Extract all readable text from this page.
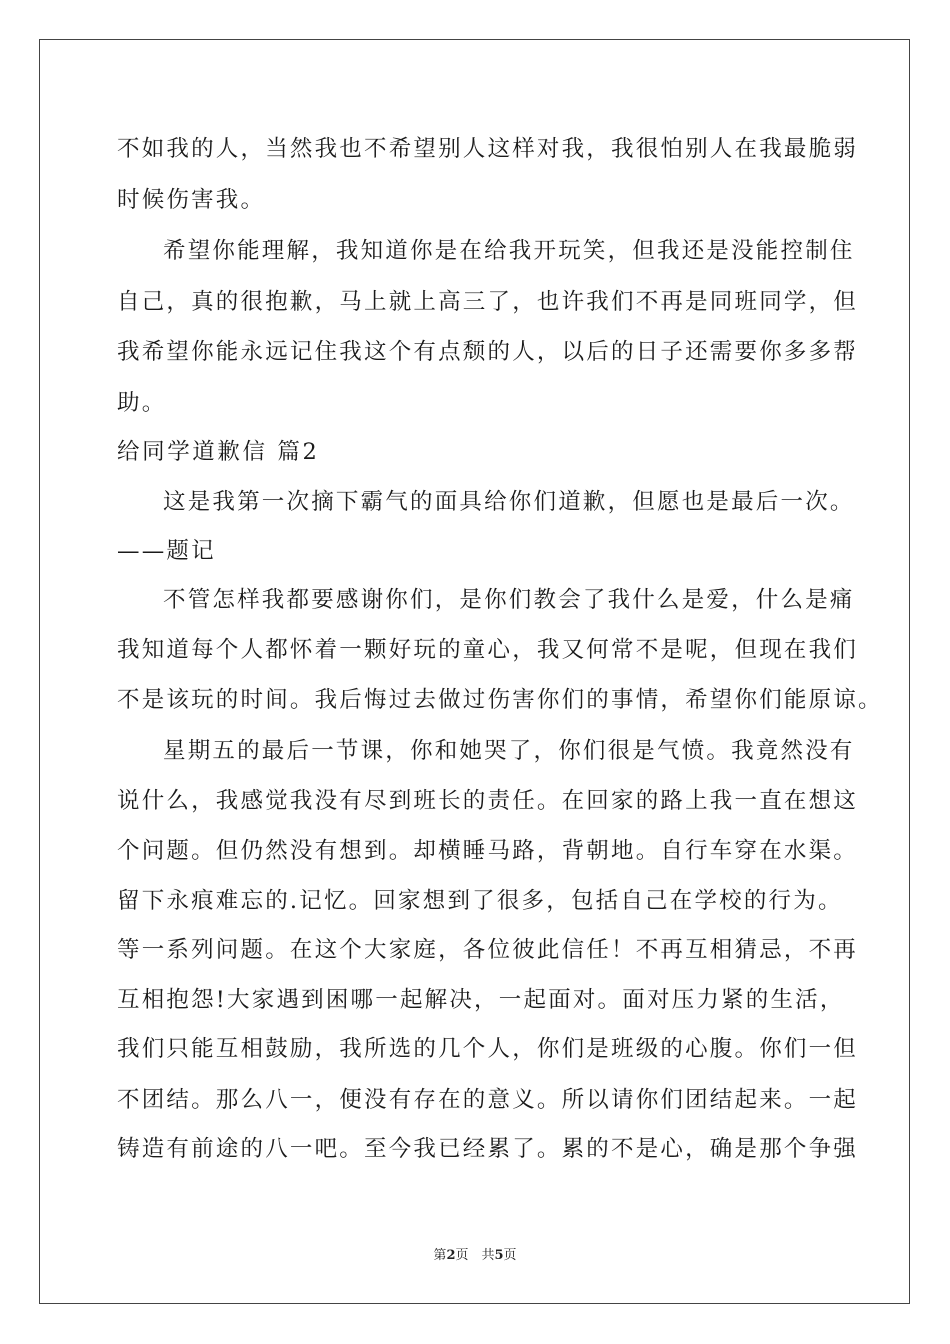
不如我的人，当然我也不希望别人这样对我，我很怕别人在我最脆弱
时候伤害我。
希望你能理解，我知道你是在给我开玩笑，但我还是没能控制住
自己，真的很抱歉，马上就上高三了，也许我们不再是同班同学，但
我希望你能永远记住我这个有点颓的人，以后的日子还需要你多多帮
助。
给同学道歉信 篇2
这是我第一次摘下霸气的面具给你们道歉，但愿也是最后一次。
——题记
不管怎样我都要感谢你们，是你们教会了我什么是爱，什么是痛
我知道每个人都怀着一颗好玩的童心，我又何常不是呢，但现在我们
不是该玩的时间。我后悔过去做过伤害你们的事情，希望你们能原谅。
星期五的最后一节课，你和她哭了，你们很是气愤。我竟然没有
说什么，我感觉我没有尽到班长的责任。在回家的路上我一直在想这
个问题。但仍然没有想到。却横睡马路，背朝地。自行车穿在水渠。
留下永痕难忘的.记忆。回家想到了很多，包括自己在学校的行为。
等一系列问题。在这个大家庭，各位彼此信任！不再互相猜忌，不再
互相抱怨!大家遇到困哪一起解决，一起面对。面对压力紧的生活，
我们只能互相鼓励，我所选的几个人，你们是班级的心腹。你们一但
不团结。那么八一，便没有存在的意义。所以请你们团结起来。一起
铸造有前途的八一吧。至今我已经累了。累的不是心，确是那个争强
第2页　共5页
